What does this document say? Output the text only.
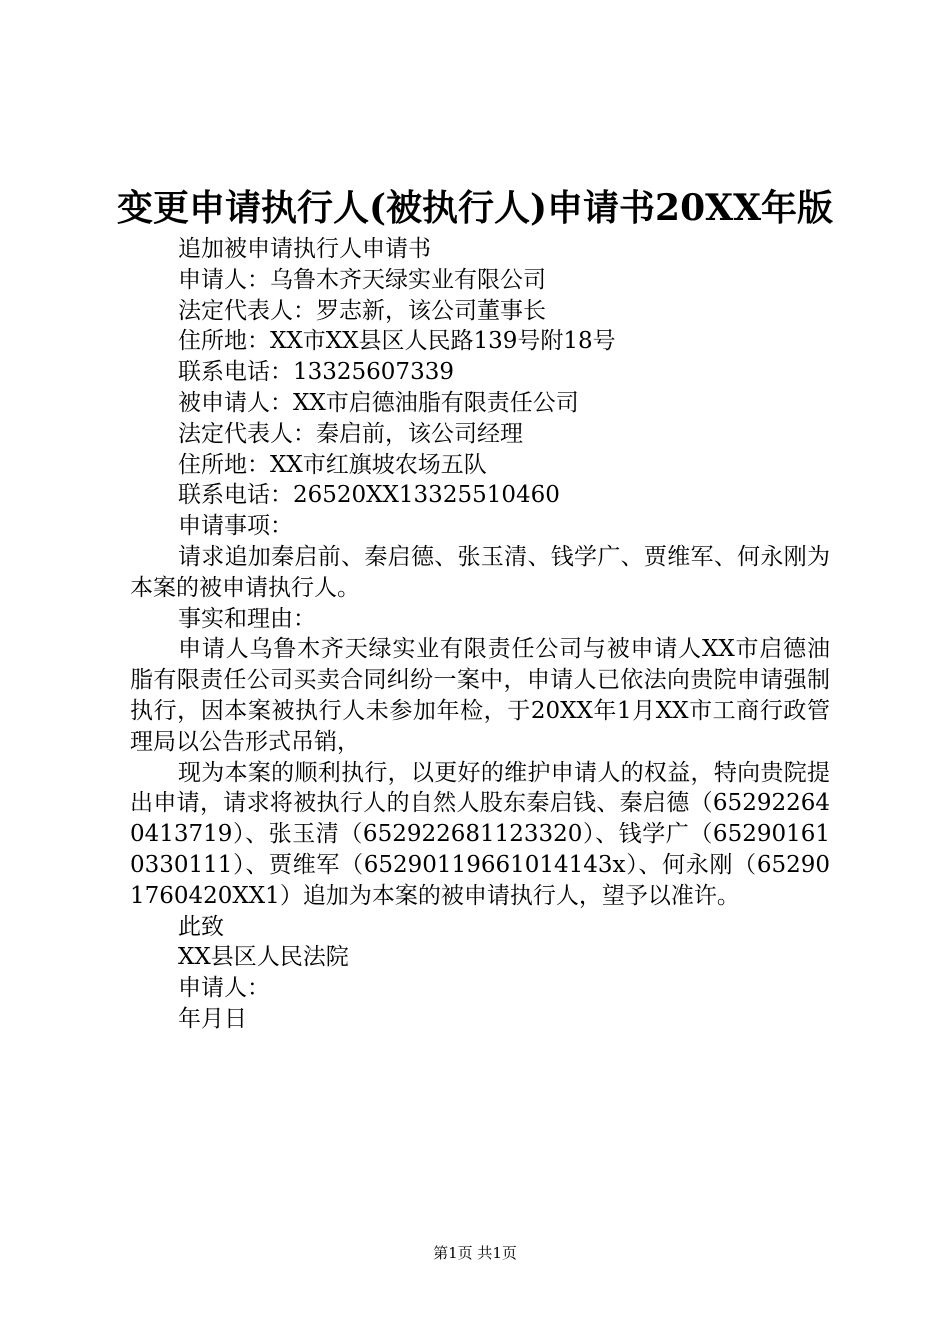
变更申请执行人(被执行人)申请书20XX年版
追加被申请执行人申请书
申请人：乌鲁木齐天绿实业有限公司
法定代表人：罗志新，该公司董事长
住所地：XX市XX县区人民路139号附18号
联系电话：13325607339
被申请人：XX市启德油脂有限责任公司
法定代表人：秦启前，该公司经理
住所地：XX市红旗坡农场五队
联系电话：26520XX13325510460
申请事项：
请求追加秦启前、秦启德、张玉清、钱学广、贾维军、何永刚为本案的被申请执行人。
事实和理由：
申请人乌鲁木齐天绿实业有限责任公司与被申请人XX市启德油脂有限责任公司买卖合同纠纷一案中，申请人已依法向贵院申请强制执行，因本案被执行人未参加年检，于20XX年1月XX市工商行政管理局以公告形式吊销，
现为本案的顺利执行，以更好的维护申请人的权益，特向贵院提出申请，请求将被执行人的自然人股东秦启钱、秦启德（652922640413719）、张玉清（652922681123320）、钱学广（652901610330111）、贾维军（65290119661014143x）、何永刚（652901760420XX1）追加为本案的被申请执行人，望予以准许。
此致
XX县区人民法院
申请人：
年月日
第1页 共1页
